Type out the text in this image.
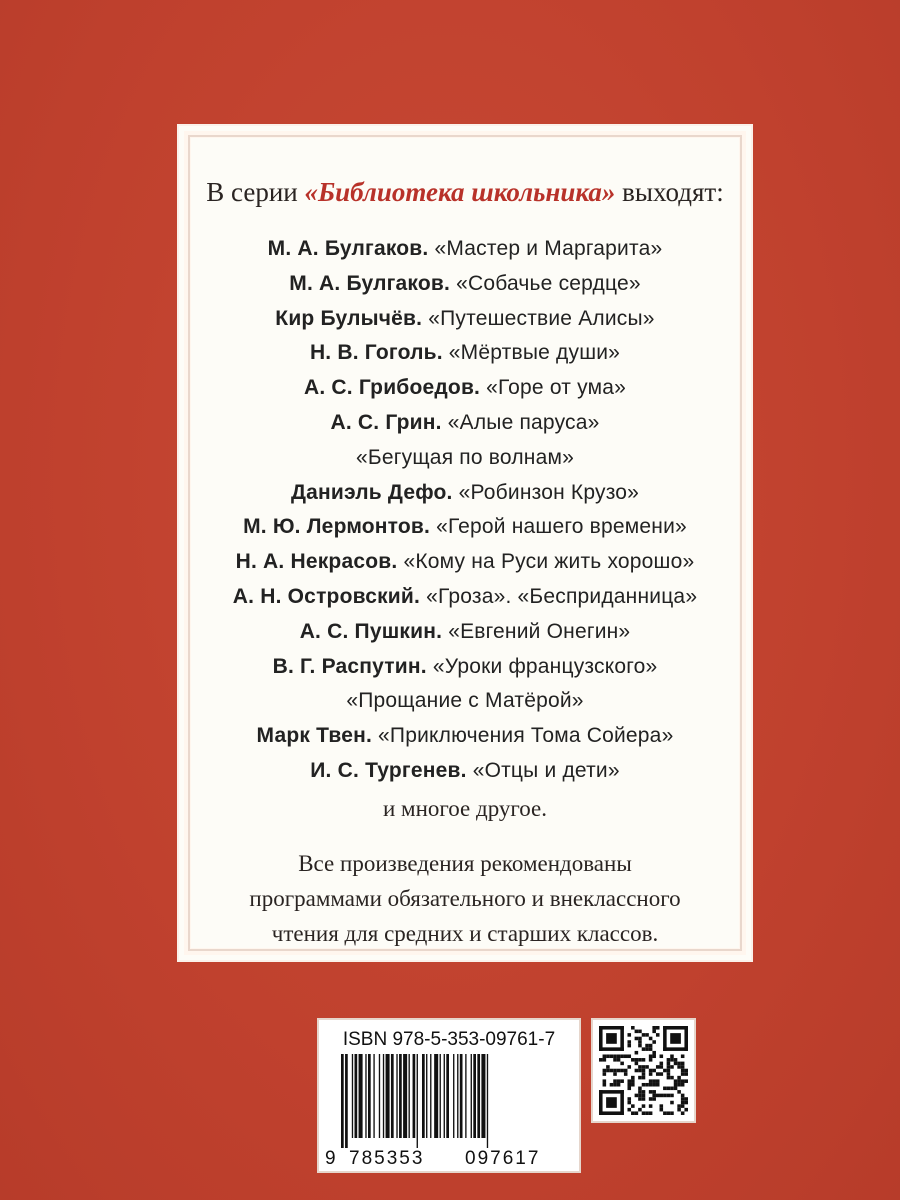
В серии «Библиотека школьника» выходят:
М. А. Булгаков. «Мастер и Маргарита»
М. А. Булгаков. «Собачье сердце»
Кир Булычёв. «Путешествие Алисы»
Н. В. Гоголь. «Мёртвые души»
А. С. Грибоедов. «Горе от ума»
А. С. Грин. «Алые паруса»
«Бегущая по волнам»
Даниэль Дефо. «Робинзон Крузо»
М. Ю. Лермонтов. «Герой нашего времени»
Н. А. Некрасов. «Кому на Руси жить хорошо»
А. Н. Островский. «Гроза». «Бесприданница»
А. С. Пушкин. «Евгений Онегин»
В. Г. Распутин. «Уроки французского»
«Прощание с Матёрой»
Марк Твен. «Приключения Тома Сойера»
И. С. Тургенев. «Отцы и дети»
и многое другое.
Все произведения рекомендованы
программами обязательного и внеклассного
чтения для средних и старших классов.
ISBN 978-5-353-09761-7
9 785353 097617
